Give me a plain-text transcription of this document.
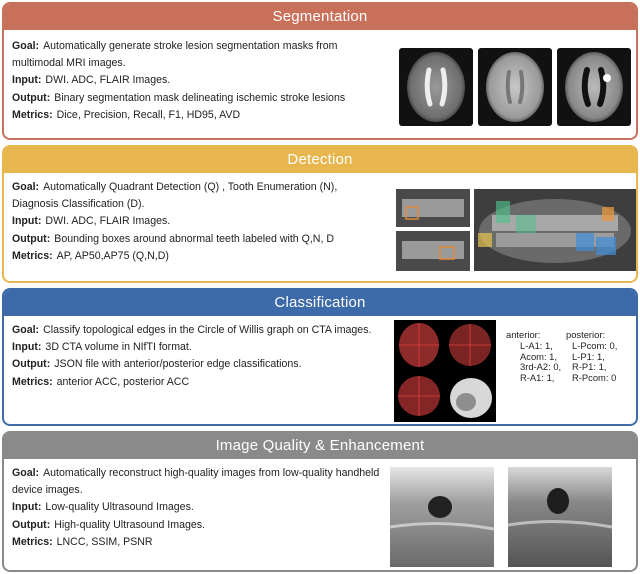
Segmentation
Goal: Automatically generate stroke lesion segmentation masks from multimodal MRI images.
Input: DWI. ADC, FLAIR Images.
Output: Binary segmentation mask delineating ischemic stroke lesions
Metrics: Dice, Precision, Recall, F1, HD95, AVD
Detection
Goal: Automatically Quadrant Detection (Q) , Tooth Enumeration (N), Diagnosis Classification (D).
Input: DWI. ADC, FLAIR Images.
Output: Bounding boxes around abnormal teeth labeled with Q,N, D
Metrics: AP, AP50,AP75 (Q,N,D)
Classification
Goal: Classify topological edges in the Circle of Willis graph on CTA images.
Input: 3D CTA volume in NIfTI format.
Output: JSON file with anterior/posterior edge classifications.
Metrics: anterior ACC, posterior ACC
anterior:
L-A1: 1,
Acom: 1,
3rd-A2: 0,
R-A1: 1,
posterior:
L-Pcom: 0,
L-P1: 1,
R-P1: 1,
R-Pcom: 0
Image Quality & Enhancement
Goal: Automatically reconstruct high-quality images from low-quality handheld device images.
Input: Low-quality Ultrasound Images.
Output: High-quality Ultrasound Images.
Metrics: LNCC, SSIM, PSNR
